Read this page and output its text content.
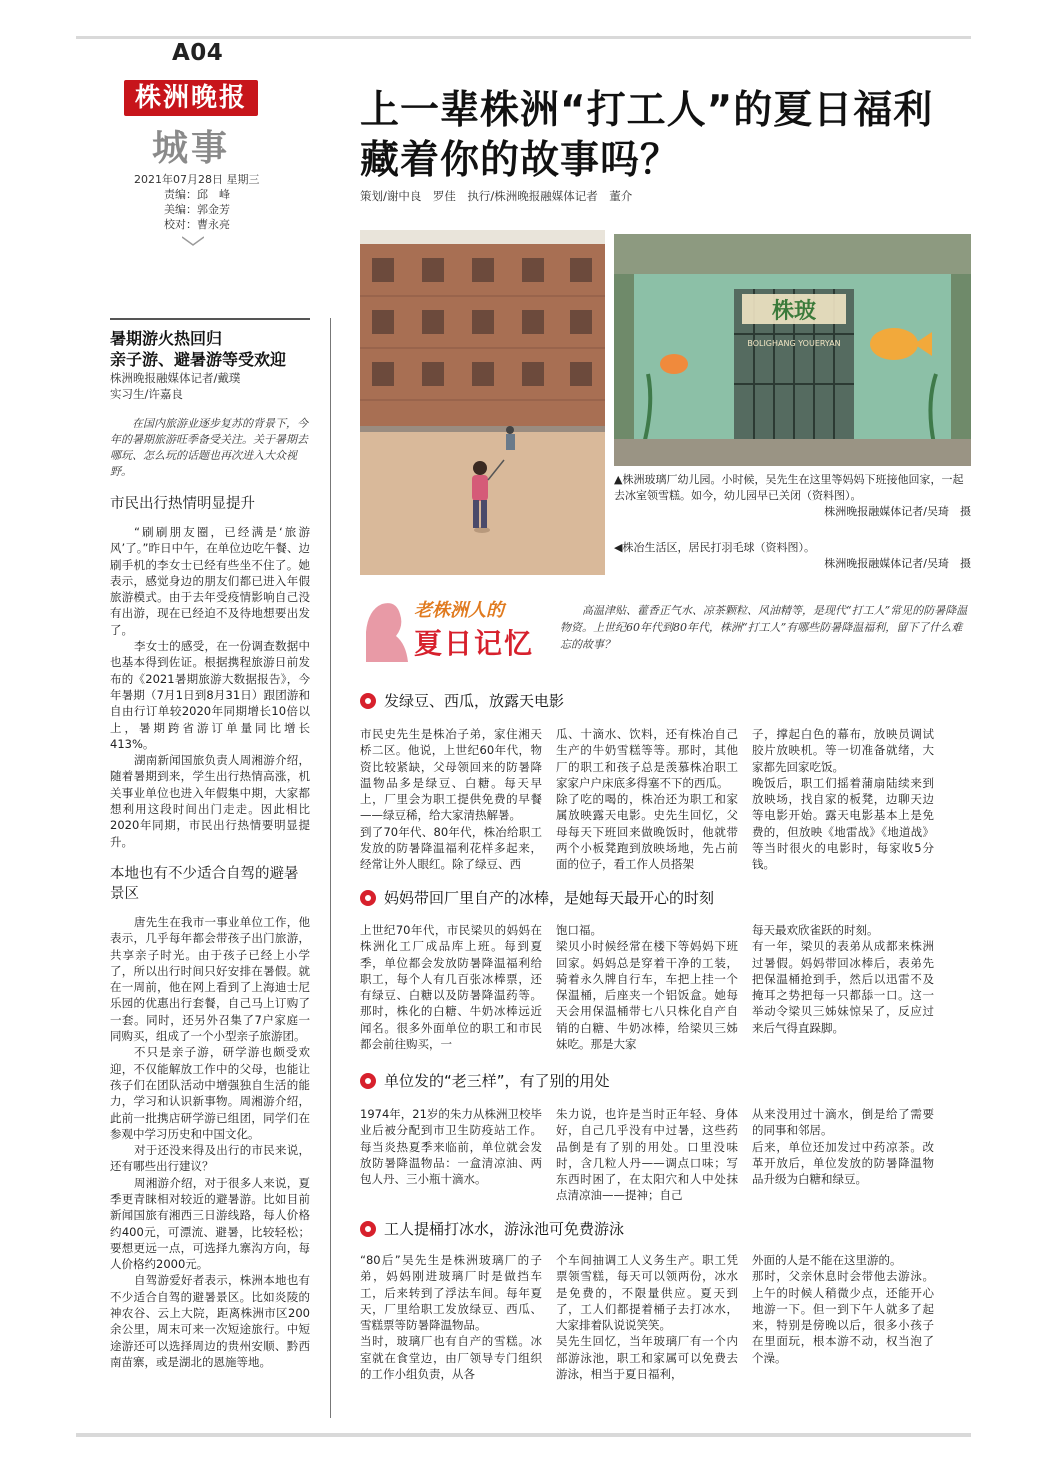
A04
株洲晚报
城事
2021年07月28日 星期三
责编：邱　峰
美编：郭金芳
校对：曹永亮
暑期游火热回归
亲子游、避暑游等受欢迎
株洲晚报融媒体记者/戴璞
实习生/许嘉良

在国内旅游业逐步复苏的背景下，今年的暑期旅游旺季备受关注。关于暑期去哪玩、怎么玩的话题也再次进入大众视野。

市民出行热情明显提升

“刷刷朋友圈，已经满是‘旅游风’了。”昨日中午，在单位边吃午餐、边刷手机的李女士已经有些坐不住了。她表示，感觉身边的朋友们都已进入年假旅游模式。由于去年受疫情影响自己没有出游，现在已经迫不及待地想要出发了。

李女士的感受，在一份调查数据中也基本得到佐证。根据携程旅游日前发布的《2021暑期旅游大数据报告》，今年暑期（7月1日到8月31日）跟团游和自由行订单较2020年同期增长10倍以上，暑期跨省游订单量同比增长413%。

湖南新闻国旅负责人周湘游介绍，随着暑期到来，学生出行热情高涨，机关事业单位也进入年假集中期，大家都想利用这段时间出门走走。因此相比2020年同期，市民出行热情要明显提升。

本地也有不少适合自驾的避暑景区

唐先生在我市一事业单位工作，他表示，几乎每年都会带孩子出门旅游，共享亲子时光。由于孩子已经上小学了，所以出行时间只好安排在暑假。就在一周前，他在网上看到了上海迪士尼乐园的优惠出行套餐，自己马上订购了一套。同时，还另外召集了7户家庭一同购买，组成了一个小型亲子旅游团。

不只是亲子游，研学游也颇受欢迎，不仅能解放工作中的父母，也能让孩子们在团队活动中增强独自生活的能力，学习和认识新事物。周湘游介绍，此前一批携店研学游已组团，同学们在参观中学习历史和中国文化。

对于还没来得及出行的市民来说，还有哪些出行建议？

周湘游介绍，对于很多人来说，夏季更青睐相对较近的避暑游。比如目前新闻国旅有湘西三日游线路，每人价格约400元，可漂流、避暑，比较轻松；要想更远一点，可选择九寨沟方向，每人价格约2000元。

自驾游爱好者表示，株洲本地也有不少适合自驾的避暑景区。比如炎陵的神农谷、云上大院，距离株洲市区200余公里，周末可来一次短途旅行。中短途游还可以选择周边的贵州安顺、黔西南苗寨，或是湖北的恩施等地。

上一辈株洲“打工人”的夏日福利
藏着你的故事吗？
策划/谢中良　罗佳　执行/株洲晚报融媒体记者　董介
株玻
BOLIGHANG YOUERYAN
▲株洲玻璃厂幼儿园。小时候，吴先生在这里等妈妈下班接他回家，一起去冰室领雪糕。如今，幼儿园早已关闭（资料图）。
株洲晚报融媒体记者/吴琦　摄
◀株冶生活区，居民打羽毛球（资料图）。
株洲晚报融媒体记者/吴琦　摄
老株洲人的
夏日记忆
高温津贴、藿香正气水、凉茶颗粒、风油精等，是现代“打工人”常见的防暑降温物资。上世纪60年代到80年代，株洲“打工人”有哪些防暑降温福利，留下了什么难忘的故事？
发绿豆、西瓜，放露天电影
市民史先生是株冶子弟，家住湘天桥二区。他说，上世纪60年代，物资比较紧缺，父母领回来的防暑降温物品多是绿豆、白糖。每天早上，厂里会为职工提供免费的早餐——绿豆稀，给大家清热解暑。
到了70年代、80年代，株冶给职工发放的防暑降温福利花样多起来，经常让外人眼红。除了绿豆、西
瓜、十滴水、饮料，还有株冶自己生产的牛奶雪糕等等。那时，其他厂的职工和孩子总是羡慕株冶职工家家户户床底多得塞不下的西瓜。
除了吃的喝的，株冶还为职工和家属放映露天电影。史先生回忆，父母每天下班回来做晚饭时，他就带两个小板凳跑到放映场地，先占前面的位子，看工作人员搭架
子，撑起白色的幕布，放映员调试胶片放映机。等一切准备就绪，大家都先回家吃饭。
晚饭后，职工们摇着蒲扇陆续来到放映场，找自家的板凳，边聊天边等电影开始。露天电影基本上是免费的，但放映《地雷战》《地道战》等当时很火的电影时，每家收5分钱。
妈妈带回厂里自产的冰棒，是她每天最开心的时刻
上世纪70年代，市民梁贝的妈妈在株洲化工厂成品库上班。每到夏季，单位都会发放防暑降温福利给职工，每个人有几百张冰棒票，还有绿豆、白糖以及防暑降温药等。那时，株化的白糖、牛奶冰棒远近闻名。很多外面单位的职工和市民都会前往购买，一
饱口福。
梁贝小时候经常在楼下等妈妈下班回家。妈妈总是穿着干净的工装，骑着永久牌自行车，车把上挂一个保温桶，后座夹一个铝饭盒。她每天会用保温桶带七八只株化自产自销的白糖、牛奶冰棒，给梁贝三姊妹吃。那是大家
每天最欢欣雀跃的时刻。
有一年，梁贝的表弟从成都来株洲过暑假。妈妈带回冰棒后，表弟先把保温桶抢到手，然后以迅雷不及掩耳之势把每一只都舔一口。这一举动令梁贝三姊妹惊呆了，反应过来后气得直跺脚。
单位发的“老三样”，有了别的用处
1974年，21岁的朱力从株洲卫校毕业后被分配到市卫生防疫站工作。每当炎热夏季来临前，单位就会发放防暑降温物品：一盒清凉油、两包人丹、三小瓶十滴水。
朱力说，也许是当时正年轻、身体好，自己几乎没有中过暑，这些药品倒是有了别的用处。口里没味时，含几粒人丹——调点口味；写东西时困了，在太阳穴和人中处抹点清凉油——提神；自己
从来没用过十滴水，倒是给了需要的同事和邻居。
后来，单位还加发过中药凉茶。改革开放后，单位发放的防暑降温物品升级为白糖和绿豆。
工人提桶打冰水，游泳池可免费游泳
“80后”吴先生是株洲玻璃厂的子弟，妈妈刚进玻璃厂时是做挡车工，后来转到了浮法车间。每年夏天，厂里给职工发放绿豆、西瓜、雪糕票等防暑降温物品。
当时，玻璃厂也有自产的雪糕。冰室就在食堂边，由厂领导专门组织的工作小组负责，从各
个车间抽调工人义务生产。职工凭票领雪糕，每天可以领两份，冰水是免费的，不限量供应。夏天到了，工人们都提着桶子去打冰水，大家排着队说说笑笑。
吴先生回忆，当年玻璃厂有一个内部游泳池，职工和家属可以免费去游泳，相当于夏日福利，
外面的人是不能在这里游的。
那时，父亲休息时会带他去游泳。上午的时候人稍微少点，还能开心地游一下。但一到下午人就多了起来，特别是傍晚以后，很多小孩子在里面玩，根本游不动，权当泡了个澡。
